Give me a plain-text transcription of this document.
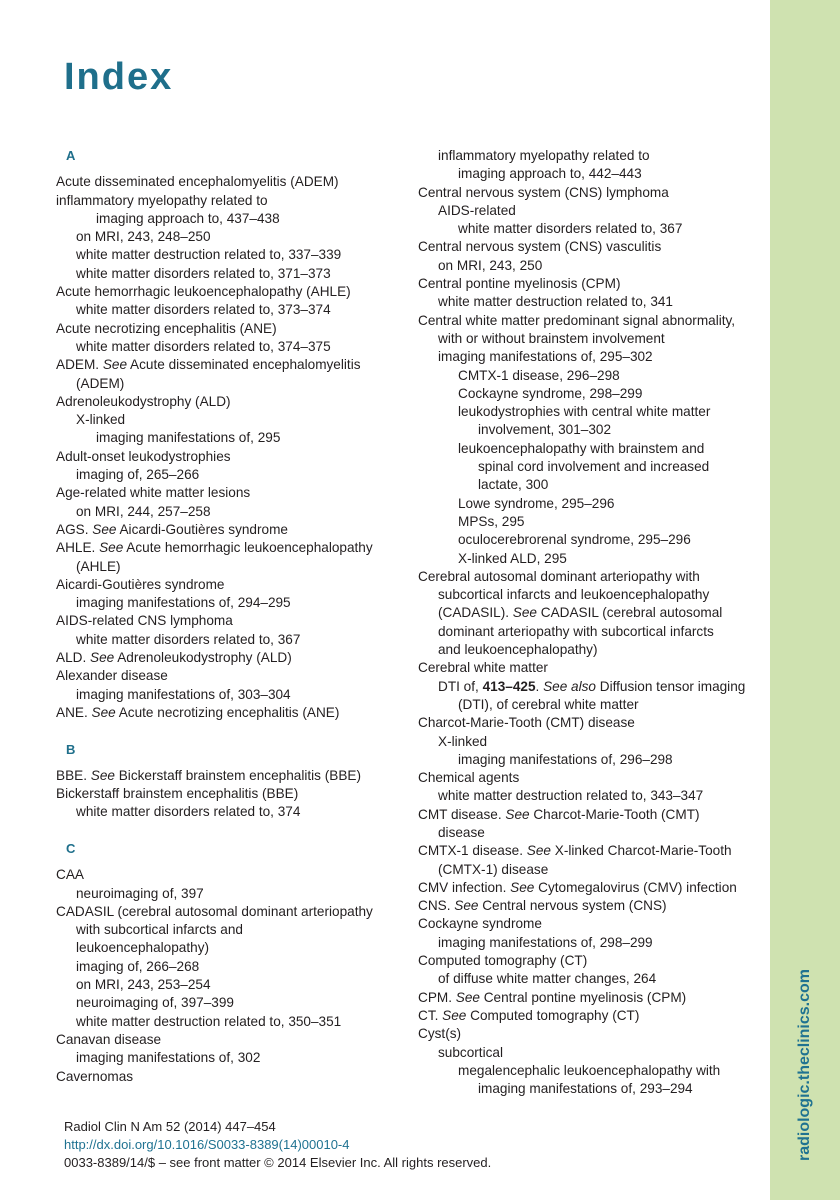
radiologic.theclinics.com
Index
A
Acute disseminated encephalomyelitis (ADEM)
inflammatory myelopathy related to
imaging approach to, 437–438
on MRI, 243, 248–250
white matter destruction related to, 337–339
white matter disorders related to, 371–373
Acute hemorrhagic leukoencephalopathy (AHLE)
white matter disorders related to, 373–374
Acute necrotizing encephalitis (ANE)
white matter disorders related to, 374–375
ADEM. See Acute disseminated encephalomyelitis
(ADEM)
Adrenoleukodystrophy (ALD)
X-linked
imaging manifestations of, 295
Adult-onset leukodystrophies
imaging of, 265–266
Age-related white matter lesions
on MRI, 244, 257–258
AGS. See Aicardi-Goutières syndrome
AHLE. See Acute hemorrhagic leukoencephalopathy
(AHLE)
Aicardi-Goutières syndrome
imaging manifestations of, 294–295
AIDS-related CNS lymphoma
white matter disorders related to, 367
ALD. See Adrenoleukodystrophy (ALD)
Alexander disease
imaging manifestations of, 303–304
ANE. See Acute necrotizing encephalitis (ANE)
B
BBE. See Bickerstaff brainstem encephalitis (BBE)
Bickerstaff brainstem encephalitis (BBE)
white matter disorders related to, 374
C
CAA
neuroimaging of, 397
CADASIL (cerebral autosomal dominant arteriopathy
with subcortical infarcts and
leukoencephalopathy)
imaging of, 266–268
on MRI, 243, 253–254
neuroimaging of, 397–399
white matter destruction related to, 350–351
Canavan disease
imaging manifestations of, 302
Cavernomas
inflammatory myelopathy related to
imaging approach to, 442–443
Central nervous system (CNS) lymphoma
AIDS-related
white matter disorders related to, 367
Central nervous system (CNS) vasculitis
on MRI, 243, 250
Central pontine myelinosis (CPM)
white matter destruction related to, 341
Central white matter predominant signal abnormality,
with or without brainstem involvement
imaging manifestations of, 295–302
CMTX-1 disease, 296–298
Cockayne syndrome, 298–299
leukodystrophies with central white matter
involvement, 301–302
leukoencephalopathy with brainstem and
spinal cord involvement and increased
lactate, 300
Lowe syndrome, 295–296
MPSs, 295
oculocerebrorenal syndrome, 295–296
X-linked ALD, 295
Cerebral autosomal dominant arteriopathy with
subcortical infarcts and leukoencephalopathy
(CADASIL). See CADASIL (cerebral autosomal
dominant arteriopathy with subcortical infarcts
and leukoencephalopathy)
Cerebral white matter
DTI of, 413–425. See also Diffusion tensor imaging
(DTI), of cerebral white matter
Charcot-Marie-Tooth (CMT) disease
X-linked
imaging manifestations of, 296–298
Chemical agents
white matter destruction related to, 343–347
CMT disease. See Charcot-Marie-Tooth (CMT)
disease
CMTX-1 disease. See X-linked Charcot-Marie-Tooth
(CMTX-1) disease
CMV infection. See Cytomegalovirus (CMV) infection
CNS. See Central nervous system (CNS)
Cockayne syndrome
imaging manifestations of, 298–299
Computed tomography (CT)
of diffuse white matter changes, 264
CPM. See Central pontine myelinosis (CPM)
CT. See Computed tomography (CT)
Cyst(s)
subcortical
megalencephalic leukoencephalopathy with
imaging manifestations of, 293–294
Radiol Clin N Am 52 (2014) 447–454
http://dx.doi.org/10.1016/S0033-8389(14)00010-4
0033-8389/14/$ – see front matter © 2014 Elsevier Inc. All rights reserved.
